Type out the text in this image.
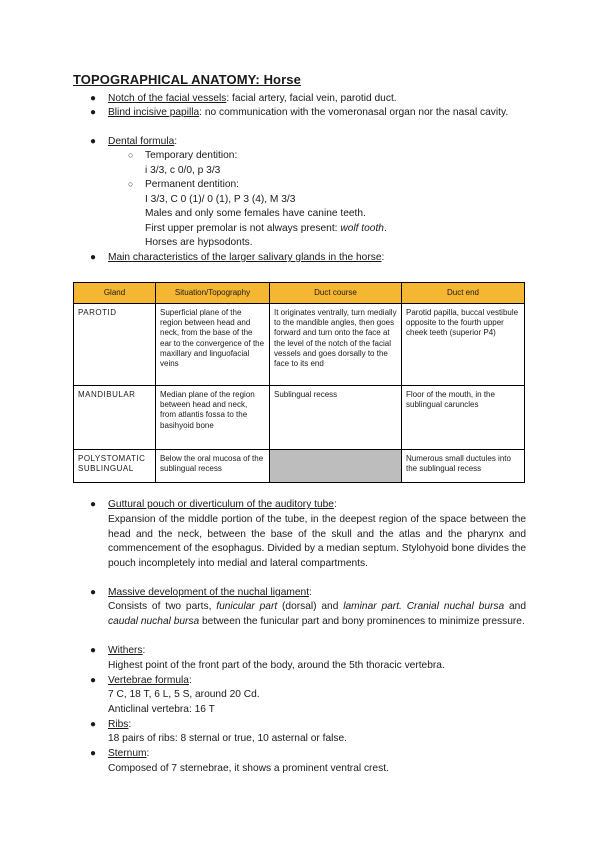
TOPOGRAPHICAL ANATOMY: Horse
● Notch of the facial vessels: facial artery, facial vein, parotid duct.
● Blind incisive papilla: no communication with the vomeronasal organ nor the nasal cavity.
● Dental formula:
○ Temporary dentition:
i 3/3, c 0/0, p 3/3
○ Permanent dentition:
I 3/3, C 0 (1)/ 0 (1), P 3 (4), M 3/3
Males and only some females have canine teeth.
First upper premolar is not always present: wolf tooth.
Horses are hypsodonts.
● Main characteristics of the larger salivary glands in the horse:
Gland	Situation/Topography	Duct course	Duct end
PAROTID	Superficial plane of the region between head and neck, from the base of the ear to the convergence of the maxillary and linguofacial veins	It originates ventrally, turn medially to the mandible angles, then goes forward and turn onto the face at the level of the notch of the facial vessels and goes dorsally to the face to its end	Parotid papilla, buccal vestibule opposite to the fourth upper cheek teeth (superior P4)
MANDIBULAR	Median plane of the region between head and neck, from atlantis fossa to the basihyoid bone	Sublingual recess	Floor of the mouth, in the sublingual caruncles
POLYSTOMATIC SUBLINGUAL	Below the oral mucosa of the sublingual recess		Numerous small ductules into the sublingual recess
● Guttural pouch or diverticulum of the auditory tube:
Expansion of the middle portion of the tube, in the deepest region of the space between the head and the neck, between the base of the skull and the atlas and the pharynx and commencement of the esophagus. Divided by a median septum. Stylohyoid bone divides the pouch incompletely into medial and lateral compartments.
● Massive development of the nuchal ligament:
Consists of two parts, funicular part (dorsal) and laminar part. Cranial nuchal bursa and caudal nuchal bursa between the funicular part and bony prominences to minimize pressure.
● Withers:
Highest point of the front part of the body, around the 5th thoracic vertebra.
● Vertebrae formula:
7 C, 18 T, 6 L, 5 S, around 20 Cd.
Anticlinal vertebra: 16 T
● Ribs:
18 pairs of ribs: 8 sternal or true, 10 asternal or false.
● Sternum:
Composed of 7 sternebrae, it shows a prominent ventral crest.
